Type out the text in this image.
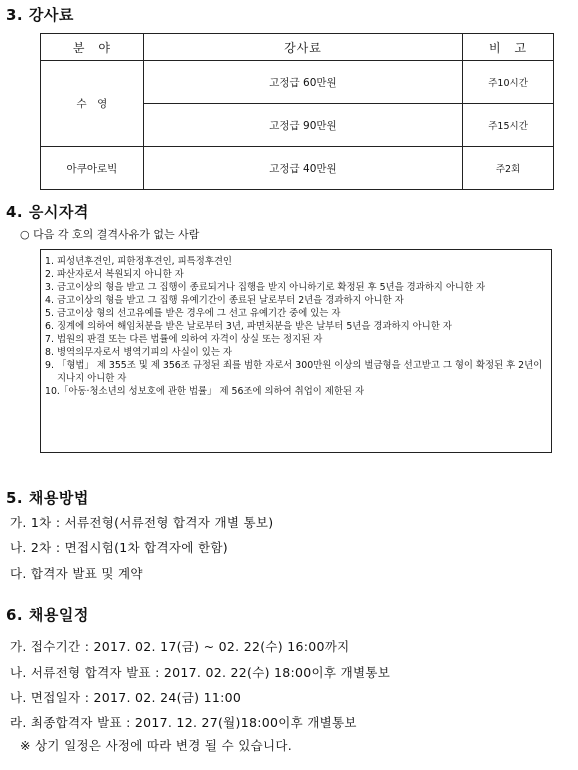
3. 강사료
분　야	강사료	비　고
수　영	고정급 60만원	주10시간
	고정급 90만원	주15시간
아쿠아로빅	고정급 40만원	주2회
4. 응시자격
○ 다음 각 호의 결격사유가 없는 사람
1. 피성년후견인, 피한정후견인, 피특정후견인
2. 파산자로서 복원되지 아니한 자
3. 금고이상의 형을 받고 그 집행이 종료되거나 집행을 받지 아니하기로 확정된 후 5년을 경과하지 아니한 자
4. 금고이상의 형을 받고 그 집행 유예기간이 종료된 날로부터 2년을 경과하지 아니한 자
5. 금고이상 형의 선고유예를 받은 경우에 그 선고 유예기간 중에 있는 자
6. 징계에 의하여 해임처분을 받은 날로부터 3년, 파면처분을 받은 날부터 5년을 경과하지 아니한 자
7. 법원의 판결 또는 다른 법률에 의하여 자격이 상실 또는 정지된 자
8. 병역의무자로서 병역기피의 사실이 있는 자
9. 「형법」 제 355조 및 제 356조 규정된 죄를 범한 자로서 300만원 이상의 벌금형을 선고받고 그 형이 확정된 후 2년이 지나지 아니한 자
10. 「아동·청소년의 성보호에 관한 법률」 제 56조에 의하여 취업이 제한된 자
5. 채용방법
가. 1차 : 서류전형(서류전형 합격자 개별 통보)
나. 2차 : 면접시험(1차 합격자에 한함)
다. 합격자 발표 및 계약
6. 채용일정
가. 접수기간 : 2017. 02. 17(금) ~ 02. 22(수) 16:00까지
나. 서류전형 합격자 발표 : 2017. 02. 22(수) 18:00이후 개별통보
나. 면접일자 : 2017. 02. 24(금) 11:00
라. 최종합격자 발표 : 2017. 12. 27(월)18:00이후 개별통보
※ 상기 일정은 사정에 따라 변경 될 수 있습니다.
